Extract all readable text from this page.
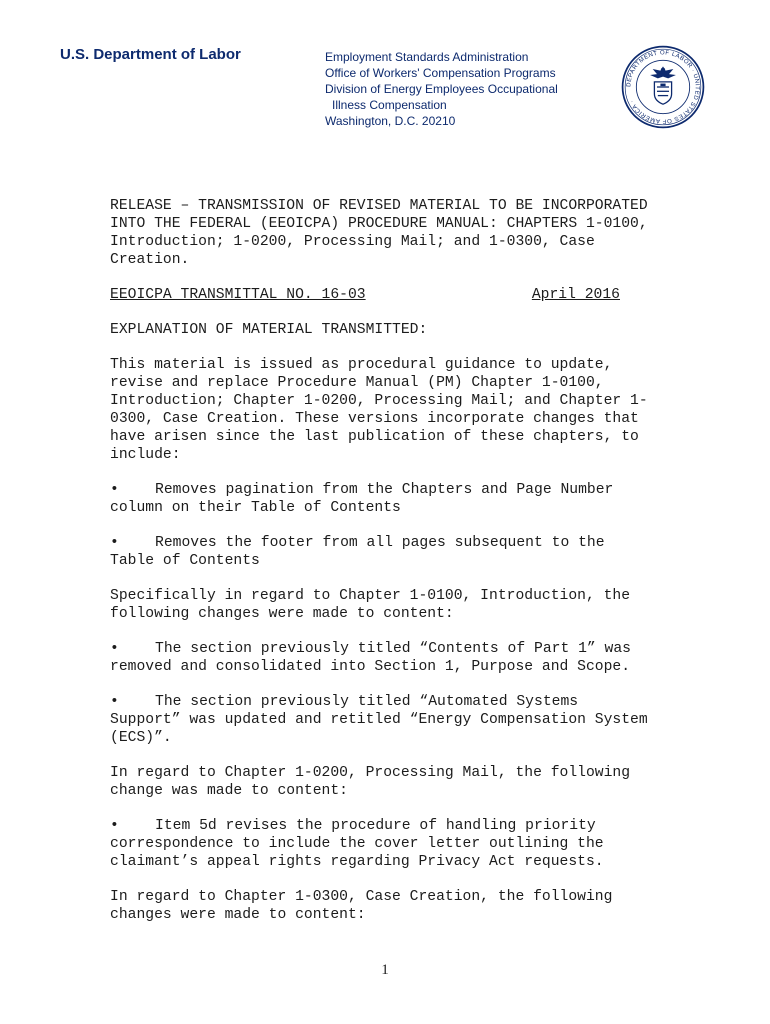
U.S. Department of Labor	Employment Standards Administration
Office of Workers' Compensation Programs
Division of Energy Employees Occupational
Illness Compensation
Washington, D.C. 20210
DEPARTMENT OF LABOR · UNITED STATES OF AMERICA ·

RELEASE – TRANSMISSION OF REVISED MATERIAL TO BE INCORPORATED INTO THE FEDERAL (EEOICPA) PROCEDURE MANUAL: CHAPTERS 1-0100, Introduction; 1-0200, Processing Mail; and 1-0300, Case Creation.

EEOICPA TRANSMITTAL NO. 16-03	April 2016

EXPLANATION OF MATERIAL TRANSMITTED:

This material is issued as procedural guidance to update, revise and replace Procedure Manual (PM) Chapter 1-0100, Introduction; Chapter 1-0200, Processing Mail; and Chapter 1-0300, Case Creation. These versions incorporate changes that have arisen since the last publication of these chapters, to include:

• Removes pagination from the Chapters and Page Number column on their Table of Contents

• Removes the footer from all pages subsequent to the Table of Contents

Specifically in regard to Chapter 1-0100, Introduction, the following changes were made to content:

• The section previously titled “Contents of Part 1” was removed and consolidated into Section 1, Purpose and Scope.

• The section previously titled “Automated Systems Support” was updated and retitled “Energy Compensation System (ECS)”.

In regard to Chapter 1-0200, Processing Mail, the following change was made to content:

• Item 5d revises the procedure of handling priority correspondence to include the cover letter outlining the claimant’s appeal rights regarding Privacy Act requests.

In regard to Chapter 1-0300, Case Creation, the following changes were made to content:

1
